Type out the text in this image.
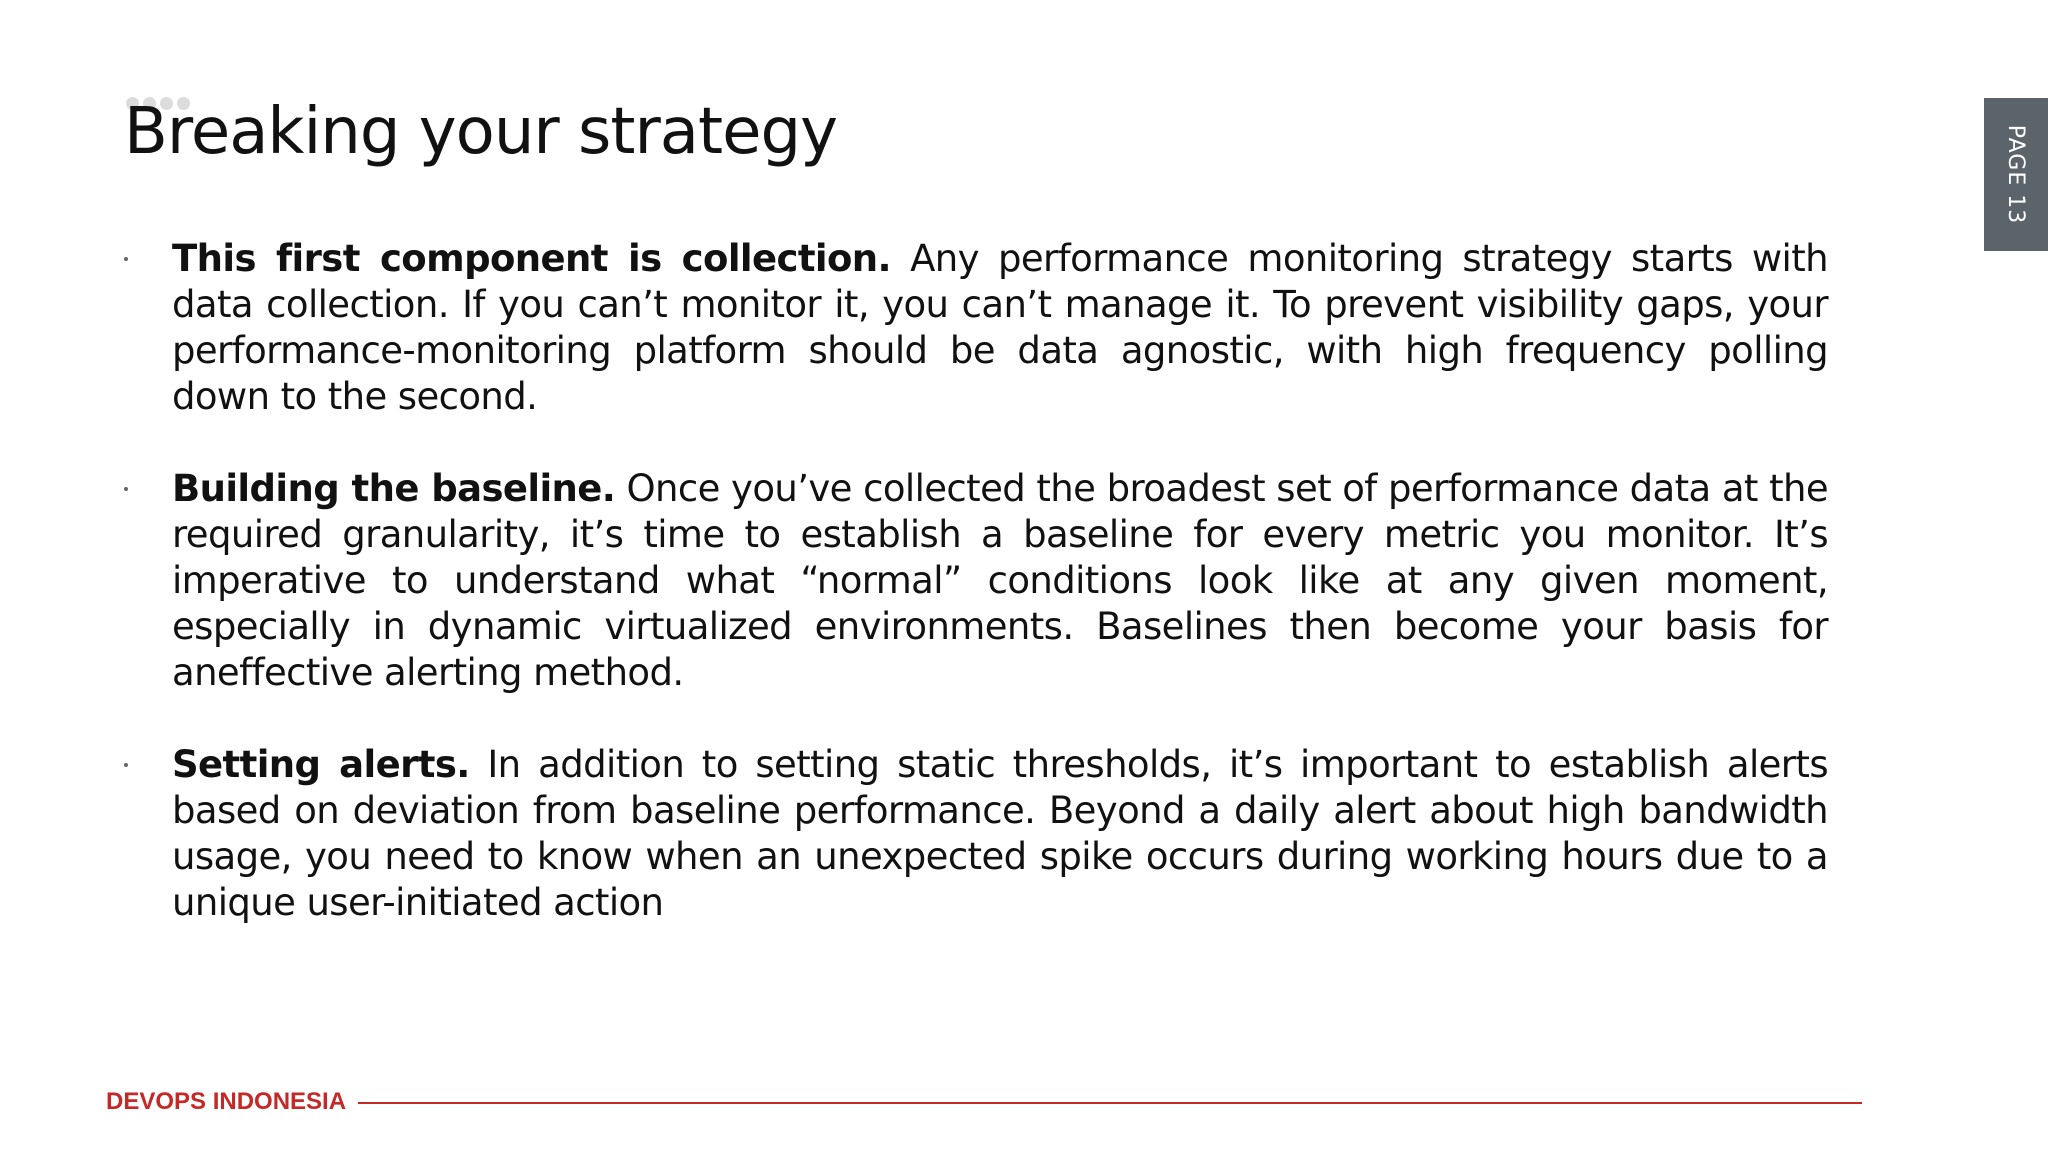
Breaking your strategy	PAGE 13
This first component is collection. Any performance monitoring strategy starts with data collection. If you can’t monitor it, you can’t manage it. To prevent visibility gaps, your performance-monitoring platform should be data agnostic, with high frequency polling down to the second.
Building the baseline. Once you’ve collected the broadest set of performance data at the required granularity, it’s time to establish a baseline for every metric you monitor. It’s imperative to understand what “normal” conditions look like at any given moment, especially in dynamic virtualized environments. Baselines then become your basis for aneffective alerting method.
Setting alerts. In addition to setting static thresholds, it’s important to establish alerts based on deviation from baseline performance. Beyond a daily alert about high bandwidth usage, you need to know when an unexpected spike occurs during working hours due to a unique user-initiated action
DEVOPS INDONESIA
